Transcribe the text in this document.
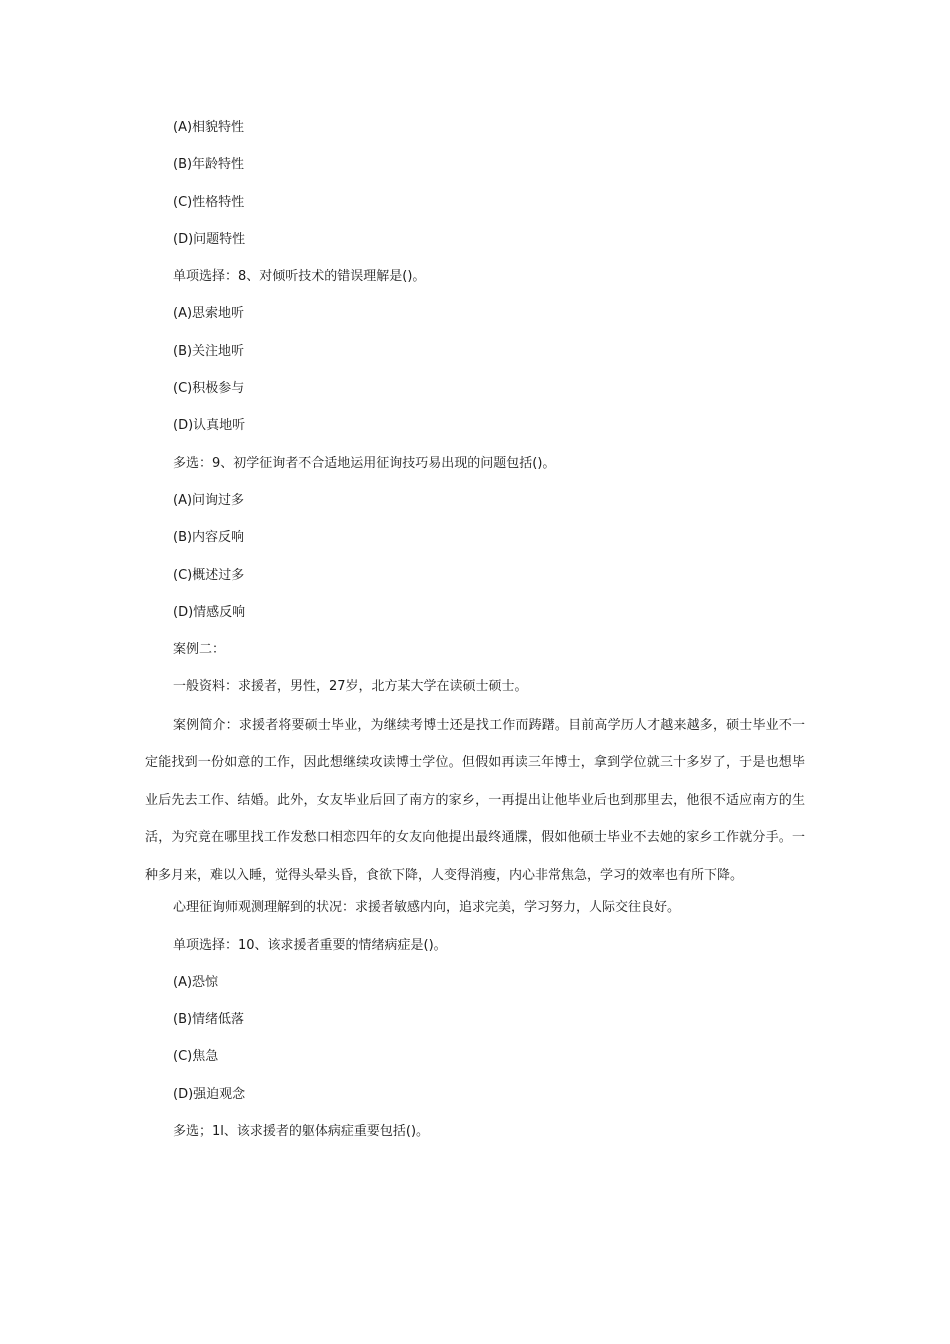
(A)相貌特性

(B)年龄特性

(C)性格特性

(D)问题特性

单项选择：8、对倾听技术的错误理解是()。

(A)思索地听

(B)关注地听

(C)积极参与

(D)认真地听

多选：9、初学征询者不合适地运用征询技巧易出现的问题包括()。

(A)问询过多

(B)内容反响

(C)概述过多

(D)情感反响

案例二：

一般资料：求援者，男性，27岁，北方某大学在读硕士硕士。

案例简介：求援者将要硕士毕业，为继续考博士还是找工作而踌躇。目前高学历人才越来越多，硕士毕业不一定能找到一份如意的工作，因此想继续攻读博士学位。但假如再读三年博士，拿到学位就三十多岁了，于是也想毕业后先去工作、结婚。此外，女友毕业后回了南方的家乡，一再提出让他毕业后也到那里去，他很不适应南方的生活，为究竟在哪里找工作发愁口相恋四年的女友向他提出最终通牒，假如他硕士毕业不去她的家乡工作就分手。一种多月来，难以入睡，觉得头晕头昏，食欲下降，人变得消瘦，内心非常焦急，学习的效率也有所下降。

心理征询师观测理解到的状况：求援者敏感内向，追求完美，学习努力，人际交往良好。

单项选择：10、该求援者重要的情绪病症是()。

(A)恐惊

(B)情绪低落

(C)焦急

(D)强迫观念

多选；1l、该求援者的躯体病症重要包括()。
